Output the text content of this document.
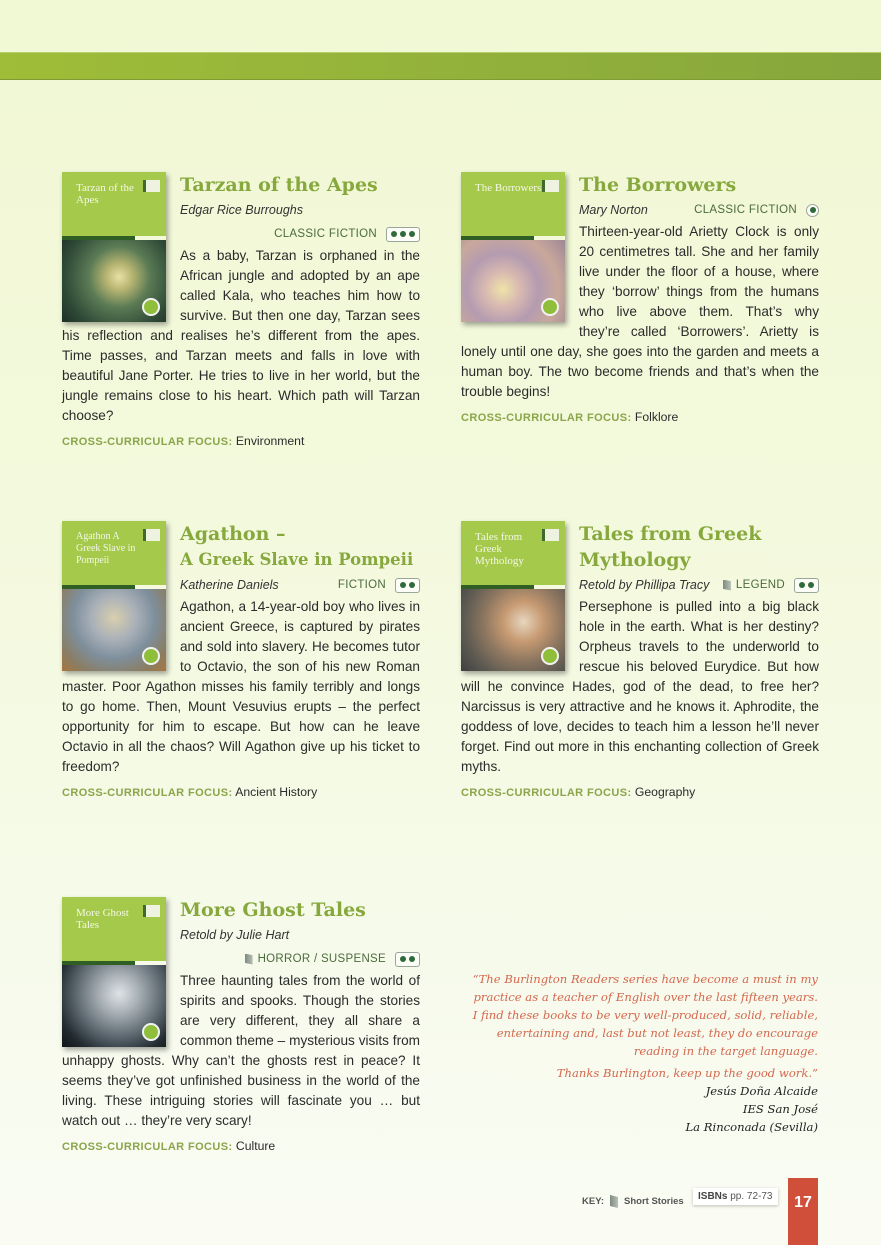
Tarzan of the Apes
Tarzan of the Apes
Edgar Rice Burroughs
CLASSIC FICTION

As a baby, Tarzan is orphaned in the African jungle and adopted by an ape called Kala, who teaches him how to survive. But then one day, Tarzan sees his reflection and realises he’s different from the apes. Time passes, and Tarzan meets and falls in love with beautiful Jane Porter. He tries to live in her world, but the jungle remains close to his heart. Which path will Tarzan choose?

CROSS-CURRICULAR FOCUS: Environment
The Borrowers	The Borrowers
Mary Norton	CLASSIC FICTION

Thirteen-year-old Arietty Clock is only 20 centimetres tall. She and her family live under the floor of a house, where they ‘borrow’ things from the humans who live above them. That’s why they’re called ‘Borrowers’. Arietty is lonely until one day, she goes into the garden and meets a human boy. The two become friends and that’s when the trouble begins!

CROSS-CURRICULAR FOCUS: Folklore
Agathon A Greek Slave in Pompeii
Agathon –
A Greek Slave in Pompeii
Katherine Daniels	FICTION

Agathon, a 14-year-old boy who lives in ancient Greece, is captured by pirates and sold into slavery. He becomes tutor to Octavio, the son of his new Roman master. Poor Agathon misses his family terribly and longs to go home. Then, Mount Vesuvius erupts – the perfect opportunity for him to escape. But how can he leave Octavio in all the chaos? Will Agathon give up his ticket to freedom?

CROSS-CURRICULAR FOCUS: Ancient History
Tales from Greek Mythology
Tales from Greek
Mythology
Retold by Phillipa Tracy LEGEND

Persephone is pulled into a big black hole in the earth. What is her destiny? Orpheus travels to the underworld to rescue his beloved Eurydice. But how will he convince Hades, god of the dead, to free her? Narcissus is very attractive and he knows it. Aphrodite, the goddess of love, decides to teach him a lesson he’ll never forget. Find out more in this enchanting collection of Greek myths.

CROSS-CURRICULAR FOCUS: Geography
More Ghost Tales
More Ghost Tales
Retold by Julie Hart
HORROR / SUSPENSE

Three haunting tales from the world of spirits and spooks. Though the stories are very different, they all share a common theme – mysterious visits from unhappy ghosts. Why can’t the ghosts rest in peace? It seems they’ve got unfinished business in the world of the living. These intriguing stories will fascinate you … but watch out … they’re very scary!

CROSS-CURRICULAR FOCUS: Culture

“The Burlington Readers series have become a must in my practice as a teacher of English over the last fifteen years. I find these books to be very well-produced, solid, reliable, entertaining and, last but not least, they do encourage reading in the target language.

Thanks Burlington, keep up the good work.”

Jesús Doña Alcaide
IES San José
La Rinconada (Sevilla)
KEY: Short Stories	ISBNs pp. 72-73	17
